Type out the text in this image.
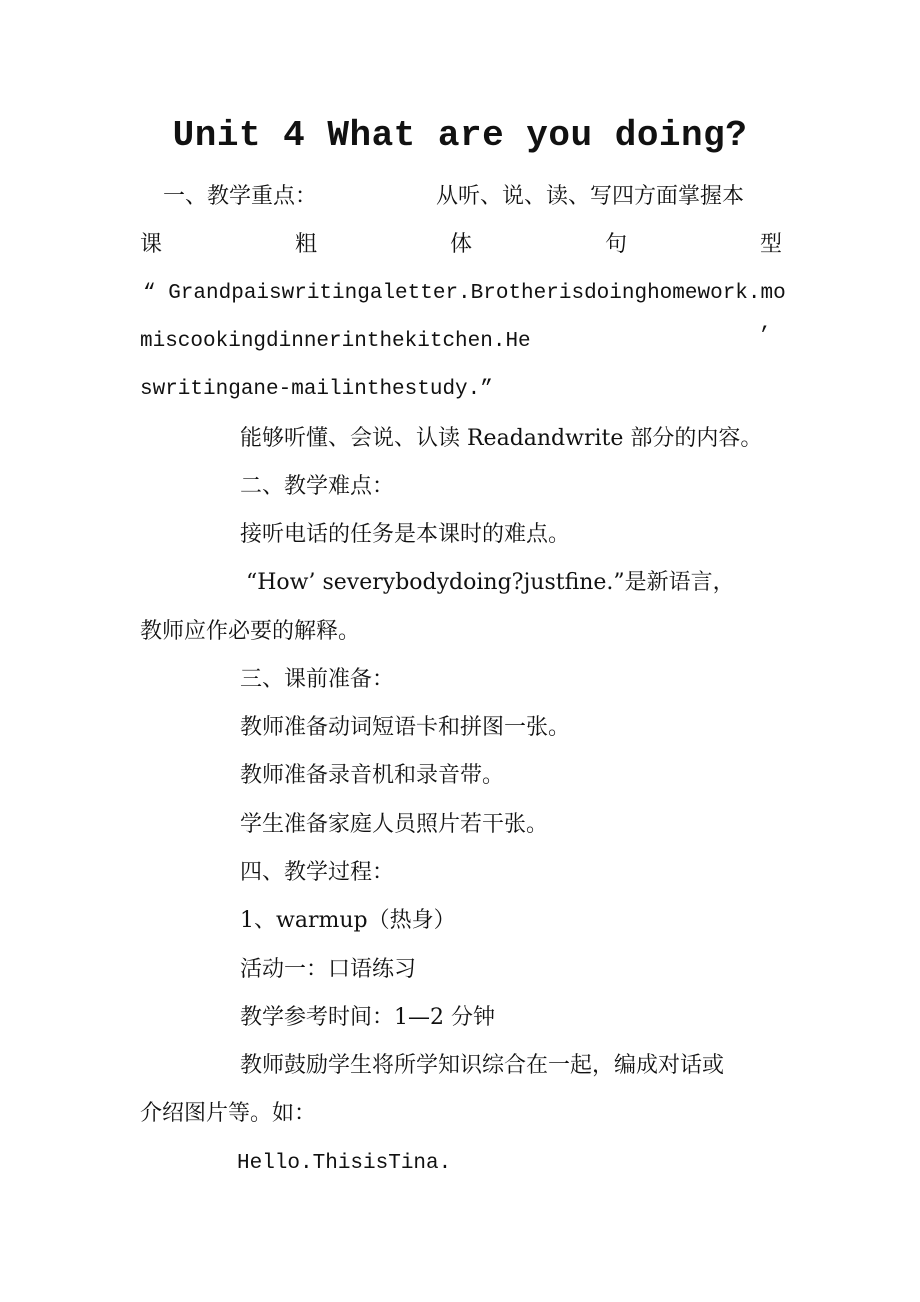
Unit 4 What are you doing?
一、教学重点：	从听、说、读、写四方面掌握本
课	粗	体	句	型
“ Grandpaiswritingaletter.Brotherisdoinghomework.mo
miscookingdinnerinthekitchen.He	’
swritingane-mailinthestudy.”
能够听懂、会说、认读 Readandwrite 部分的内容。
二、教学难点：
接听电话的任务是本课时的难点。
“How’ severybodydoing?justfine.”是新语言，
教师应作必要的解释。
三、课前准备：
教师准备动词短语卡和拼图一张。
教师准备录音机和录音带。
学生准备家庭人员照片若干张。
四、教学过程：
1、warmup（热身）
活动一：口语练习
教学参考时间：1—2 分钟
教师鼓励学生将所学知识综合在一起，编成对话或
介绍图片等。如：
Hello.ThisisTina.
